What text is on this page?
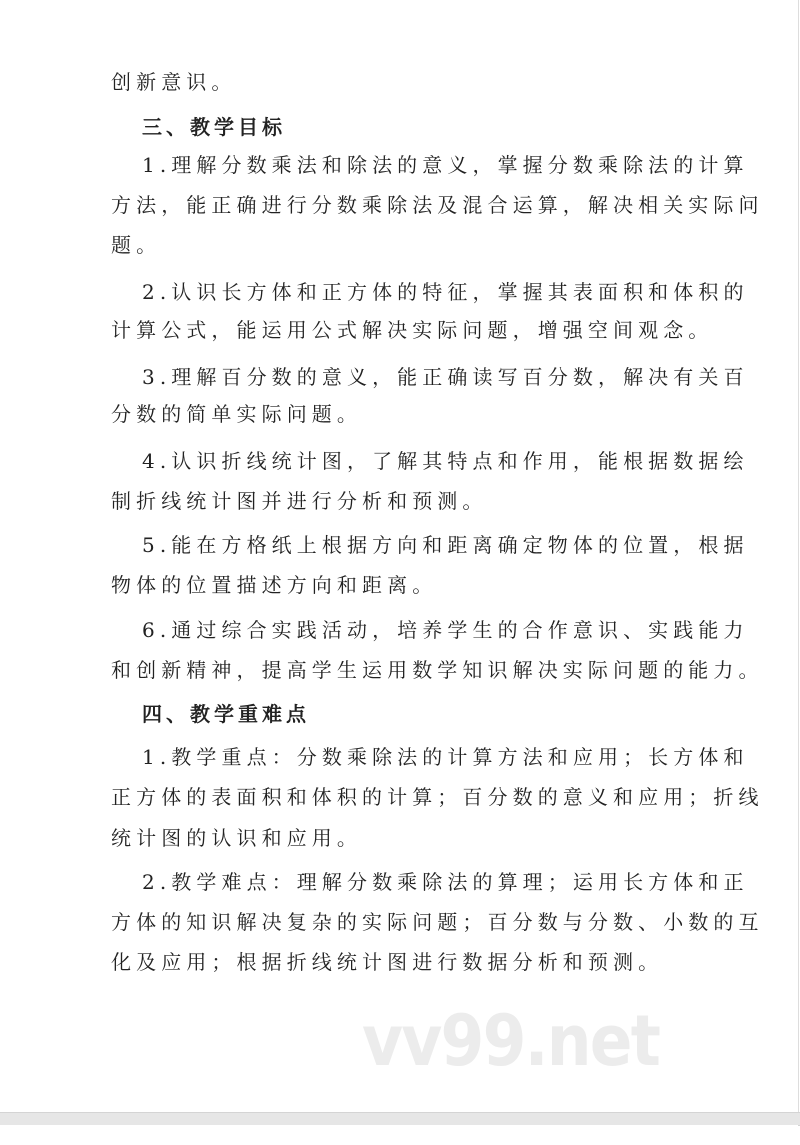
vv99.net
创新意识。
三、教学目标
1.理解分数乘法和除法的意义，掌握分数乘除法的计算
方法，能正确进行分数乘除法及混合运算，解决相关实际问
题。
2.认识长方体和正方体的特征，掌握其表面积和体积的
计算公式，能运用公式解决实际问题，增强空间观念。
3.理解百分数的意义，能正确读写百分数，解决有关百
分数的简单实际问题。
4.认识折线统计图，了解其特点和作用，能根据数据绘
制折线统计图并进行分析和预测。
5.能在方格纸上根据方向和距离确定物体的位置，根据
物体的位置描述方向和距离。
6.通过综合实践活动，培养学生的合作意识、实践能力
和创新精神，提高学生运用数学知识解决实际问题的能力。
四、教学重难点
1.教学重点：分数乘除法的计算方法和应用；长方体和
正方体的表面积和体积的计算；百分数的意义和应用；折线
统计图的认识和应用。
2.教学难点：理解分数乘除法的算理；运用长方体和正
方体的知识解决复杂的实际问题；百分数与分数、小数的互
化及应用；根据折线统计图进行数据分析和预测。
